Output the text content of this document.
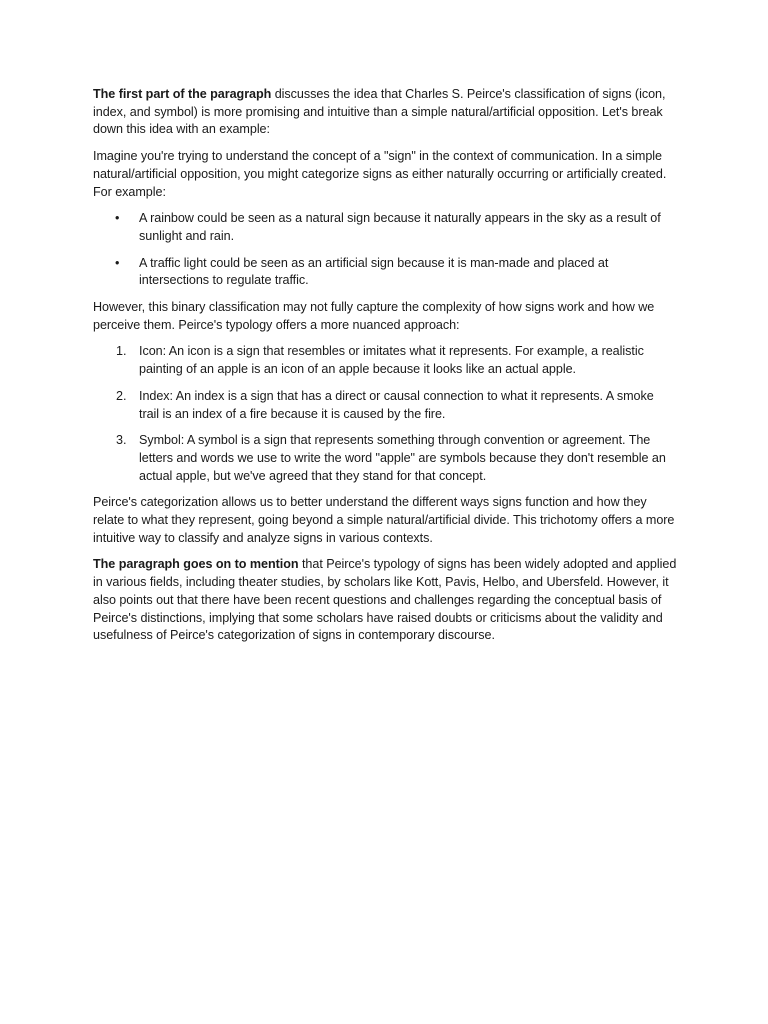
The first part of the paragraph discusses the idea that Charles S. Peirce's classification of signs (icon, index, and symbol) is more promising and intuitive than a simple natural/artificial opposition. Let's break down this idea with an example:

Imagine you're trying to understand the concept of a "sign" in the context of communication. In a simple natural/artificial opposition, you might categorize signs as either naturally occurring or artificially created. For example:

• A rainbow could be seen as a natural sign because it naturally appears in the sky as a result of sunlight and rain.
• A traffic light could be seen as an artificial sign because it is man-made and placed at intersections to regulate traffic.

However, this binary classification may not fully capture the complexity of how signs work and how we perceive them. Peirce's typology offers a more nuanced approach:

1. Icon: An icon is a sign that resembles or imitates what it represents. For example, a realistic painting of an apple is an icon of an apple because it looks like an actual apple.
2. Index: An index is a sign that has a direct or causal connection to what it represents. A smoke trail is an index of a fire because it is caused by the fire.
3. Symbol: A symbol is a sign that represents something through convention or agreement. The letters and words we use to write the word "apple" are symbols because they don't resemble an actual apple, but we've agreed that they stand for that concept.

Peirce's categorization allows us to better understand the different ways signs function and how they relate to what they represent, going beyond a simple natural/artificial divide. This trichotomy offers a more intuitive way to classify and analyze signs in various contexts.

The paragraph goes on to mention that Peirce's typology of signs has been widely adopted and applied in various fields, including theater studies, by scholars like Kott, Pavis, Helbo, and Ubersfeld. However, it also points out that there have been recent questions and challenges regarding the conceptual basis of Peirce's distinctions, implying that some scholars have raised doubts or criticisms about the validity and usefulness of Peirce's categorization of signs in contemporary discourse.
